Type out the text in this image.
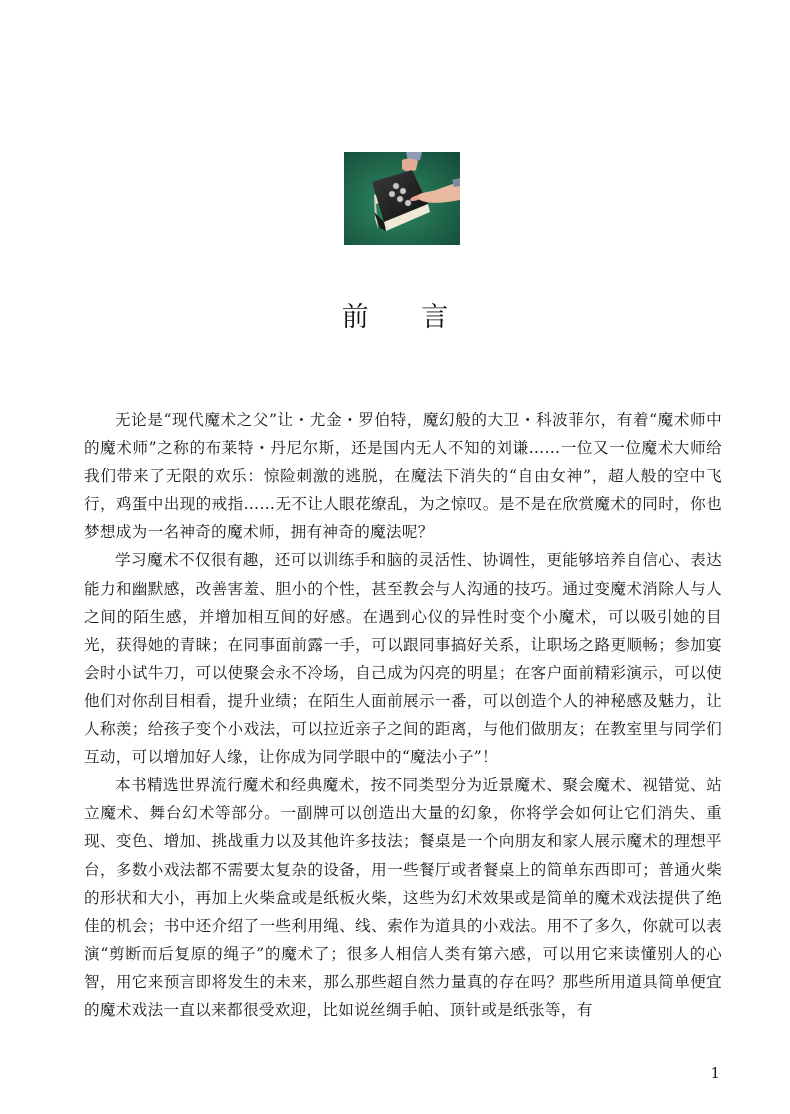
前 言

无论是“现代魔术之父”让・尤金・罗伯特，魔幻般的大卫・科波菲尔，有着“魔术师中的魔术师”之称的布莱特・丹尼尔斯，还是国内无人不知的刘谦……一位又一位魔术大师给我们带来了无限的欢乐：惊险刺激的逃脱，在魔法下消失的“自由女神”，超人般的空中飞行，鸡蛋中出现的戒指……无不让人眼花缭乱，为之惊叹。是不是在欣赏魔术的同时，你也梦想成为一名神奇的魔术师，拥有神奇的魔法呢？

学习魔术不仅很有趣，还可以训练手和脑的灵活性、协调性，更能够培养自信心、表达能力和幽默感，改善害羞、胆小的个性，甚至教会与人沟通的技巧。通过变魔术消除人与人之间的陌生感，并增加相互间的好感。在遇到心仪的异性时变个小魔术，可以吸引她的目光，获得她的青睐；在同事面前露一手，可以跟同事搞好关系，让职场之路更顺畅；参加宴会时小试牛刀，可以使聚会永不冷场，自己成为闪亮的明星；在客户面前精彩演示，可以使他们对你刮目相看，提升业绩；在陌生人面前展示一番，可以创造个人的神秘感及魅力，让人称羡；给孩子变个小戏法，可以拉近亲子之间的距离，与他们做朋友；在教室里与同学们互动，可以增加好人缘，让你成为同学眼中的“魔法小子”！

本书精选世界流行魔术和经典魔术，按不同类型分为近景魔术、聚会魔术、视错觉、站立魔术、舞台幻术等部分。一副牌可以创造出大量的幻象，你将学会如何让它们消失、重现、变色、增加、挑战重力以及其他许多技法；餐桌是一个向朋友和家人展示魔术的理想平台，多数小戏法都不需要太复杂的设备，用一些餐厅或者餐桌上的简单东西即可；普通火柴的形状和大小，再加上火柴盒或是纸板火柴，这些为幻术效果或是简单的魔术戏法提供了绝佳的机会；书中还介绍了一些利用绳、线、索作为道具的小戏法。用不了多久，你就可以表演“剪断而后复原的绳子”的魔术了；很多人相信人类有第六感，可以用它来读懂别人的心智，用它来预言即将发生的未来，那么那些超自然力量真的存在吗？那些所用道具简单便宜的魔术戏法一直以来都很受欢迎，比如说丝绸手帕、顶针或是纸张等，有

1
